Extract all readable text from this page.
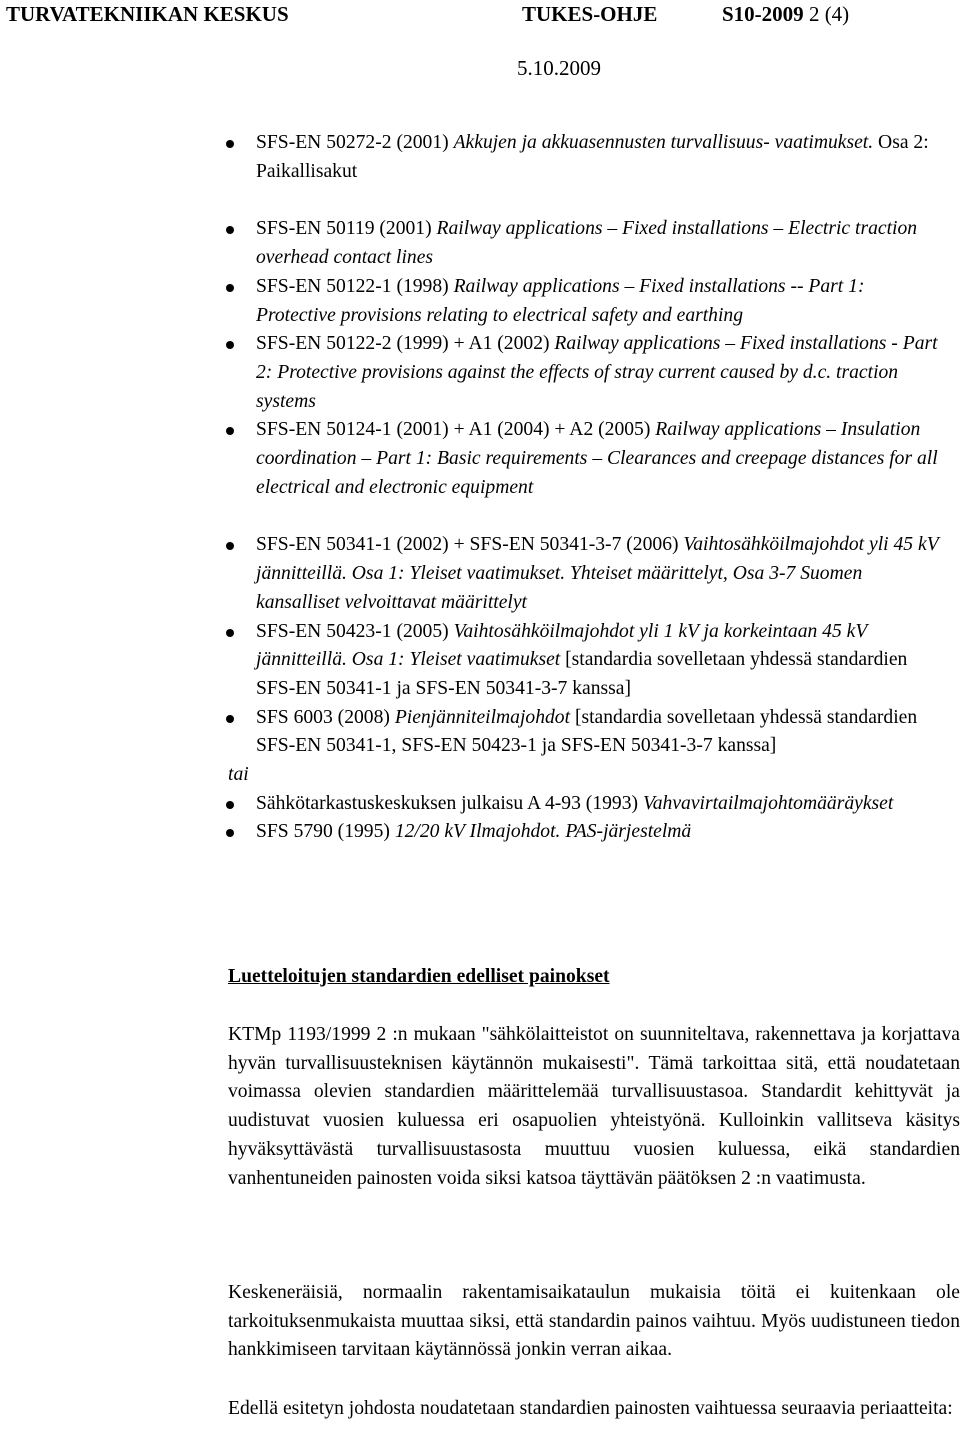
TURVATEKNIIKAN KESKUS	TUKES-OHJE	S10-2009 2 (4)
5.10.2009
SFS-EN 50272-2 (2001) Akkujen ja akkuasennusten turvallisuus- vaatimukset. Osa 2: Paikallisakut
SFS-EN 50119 (2001) Railway applications – Fixed installations – Electric traction overhead contact lines
SFS-EN 50122-1 (1998) Railway applications – Fixed installations -- Part 1: Protective provisions relating to electrical safety and earthing
SFS-EN 50122-2 (1999) + A1 (2002) Railway applications – Fixed installations - Part 2: Protective provisions against the effects of stray current caused by d.c. traction systems
SFS-EN 50124-1 (2001) + A1 (2004) + A2 (2005) Railway applications – Insulation coordination – Part 1: Basic requirements – Clearances and creepage distances for all electrical and electronic equipment
SFS-EN 50341-1 (2002) + SFS-EN 50341-3-7 (2006) Vaihtosähköilmajohdot yli 45 kV jännitteillä. Osa 1: Yleiset vaatimukset. Yhteiset määrittelyt, Osa 3-7 Suomen kansalliset velvoittavat määrittelyt
SFS-EN 50423-1 (2005) Vaihtosähköilmajohdot yli 1 kV ja korkeintaan 45 kV jännitteillä. Osa 1: Yleiset vaatimukset [standardia sovelletaan yhdessä standardien SFS-EN 50341-1 ja SFS-EN 50341-3-7 kanssa]
SFS 6003 (2008) Pienjänniteilmajohdot [standardia sovelletaan yhdessä standardien SFS-EN 50341-1, SFS-EN 50423-1 ja SFS-EN 50341-3-7 kanssa]
tai
Sähkötarkastuskeskuksen julkaisu A 4-93 (1993) Vahvavirtailmajohtomääräykset
SFS 5790 (1995) 12/20 kV Ilmajohdot. PAS-järjestelmä
Luetteloitujen standardien edelliset painokset

KTMp 1193/1999 2 :n mukaan "sähkölaitteistot on suunniteltava, rakennettava ja korjattava hyvän turvallisuusteknisen käytännön mukaisesti". Tämä tarkoittaa sitä, että noudatetaan voimassa olevien standardien määrittelemää turvallisuustasoa. Standardit kehittyvät ja uudistuvat vuosien kuluessa eri osapuolien yhteistyönä. Kulloinkin vallitseva käsitys hyväksyttävästä turvallisuustasosta muuttuu vuosien kuluessa, eikä standardien vanhentuneiden painosten voida siksi katsoa täyttävän päätöksen 2 :n vaatimusta.

Keskeneräisiä, normaalin rakentamisaikataulun mukaisia töitä ei kuitenkaan ole tarkoituksenmukaista muuttaa siksi, että standardin painos vaihtuu. Myös uudistuneen tiedon hankkimiseen tarvitaan käytännössä jonkin verran aikaa.

Edellä esitetyn johdosta noudatetaan standardien painosten vaihtuessa seuraavia periaatteita:
